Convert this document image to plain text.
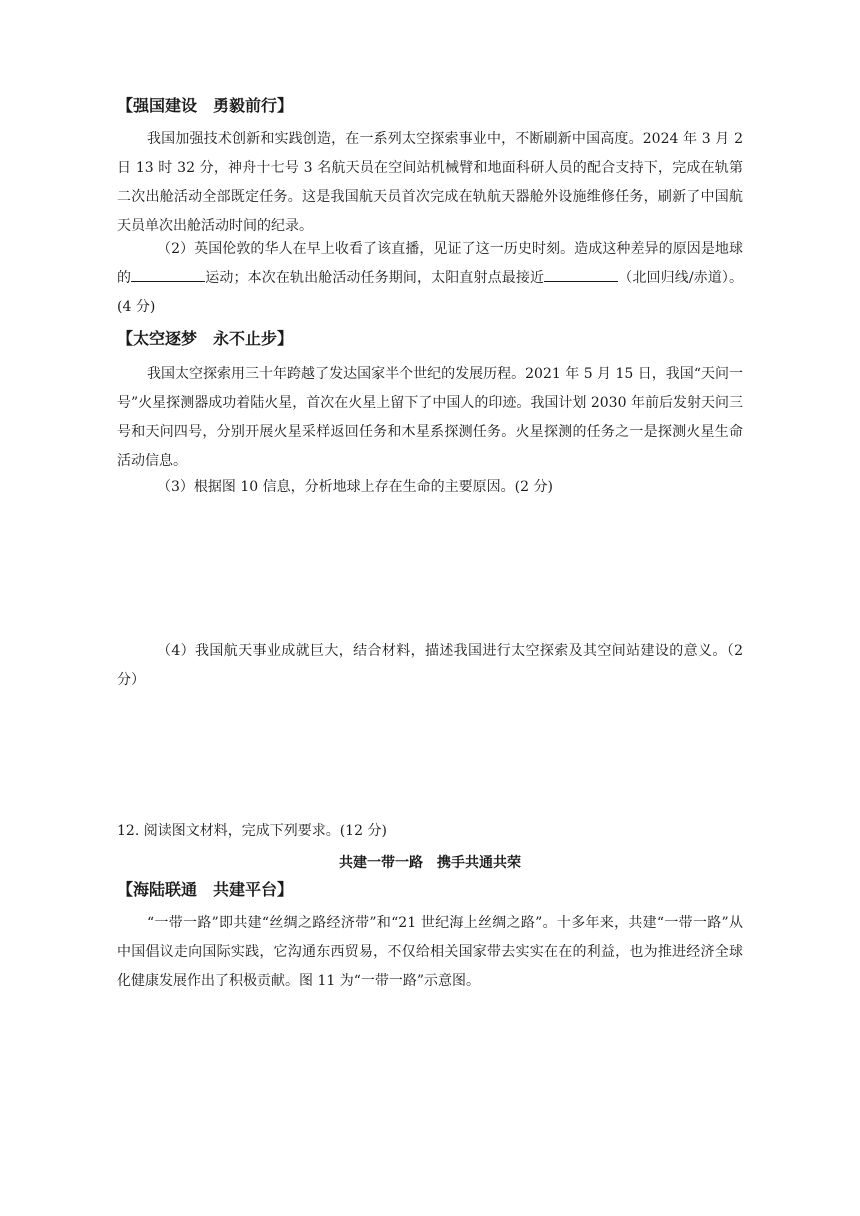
【强国建设　勇毅前行】
我国加强技术创新和实践创造，在一系列太空探索事业中，不断刷新中国高度。2024 年 3 月 2 日 13 时 32 分，神舟十七号 3 名航天员在空间站机械臂和地面科研人员的配合支持下，完成在轨第二次出舱活动全部既定任务。这是我国航天员首次完成在轨航天器舱外设施维修任务，刷新了中国航天员单次出舱活动时间的纪录。
（2）英国伦敦的华人在早上收看了该直播，见证了这一历史时刻。造成这种差异的原因是地球的	运动；本次在轨出舱活动任务期间，太阳直射点最接近	（北回归线/赤道）。(4 分)
【太空逐梦　永不止步】
我国太空探索用三十年跨越了发达国家半个世纪的发展历程。2021 年 5 月 15 日，我国“天问一号”火星探测器成功着陆火星，首次在火星上留下了中国人的印迹。我国计划 2030 年前后发射天问三号和天问四号，分别开展火星采样返回任务和木星系探测任务。火星探测的任务之一是探测火星生命活动信息。
（3）根据图 10 信息，分析地球上存在生命的主要原因。(2 分)
（4）我国航天事业成就巨大，结合材料，描述我国进行太空探索及其空间站建设的意义。（2 分）
12. 阅读图文材料，完成下列要求。(12 分)
共建一带一路　携手共通共荣
【海陆联通　共建平台】
“一带一路”即共建“丝绸之路经济带”和“21 世纪海上丝绸之路”。十多年来，共建“一带一路”从中国倡议走向国际实践，它沟通东西贸易，不仅给相关国家带去实实在在的利益，也为推进经济全球化健康发展作出了积极贡献。图 11 为“一带一路”示意图。
